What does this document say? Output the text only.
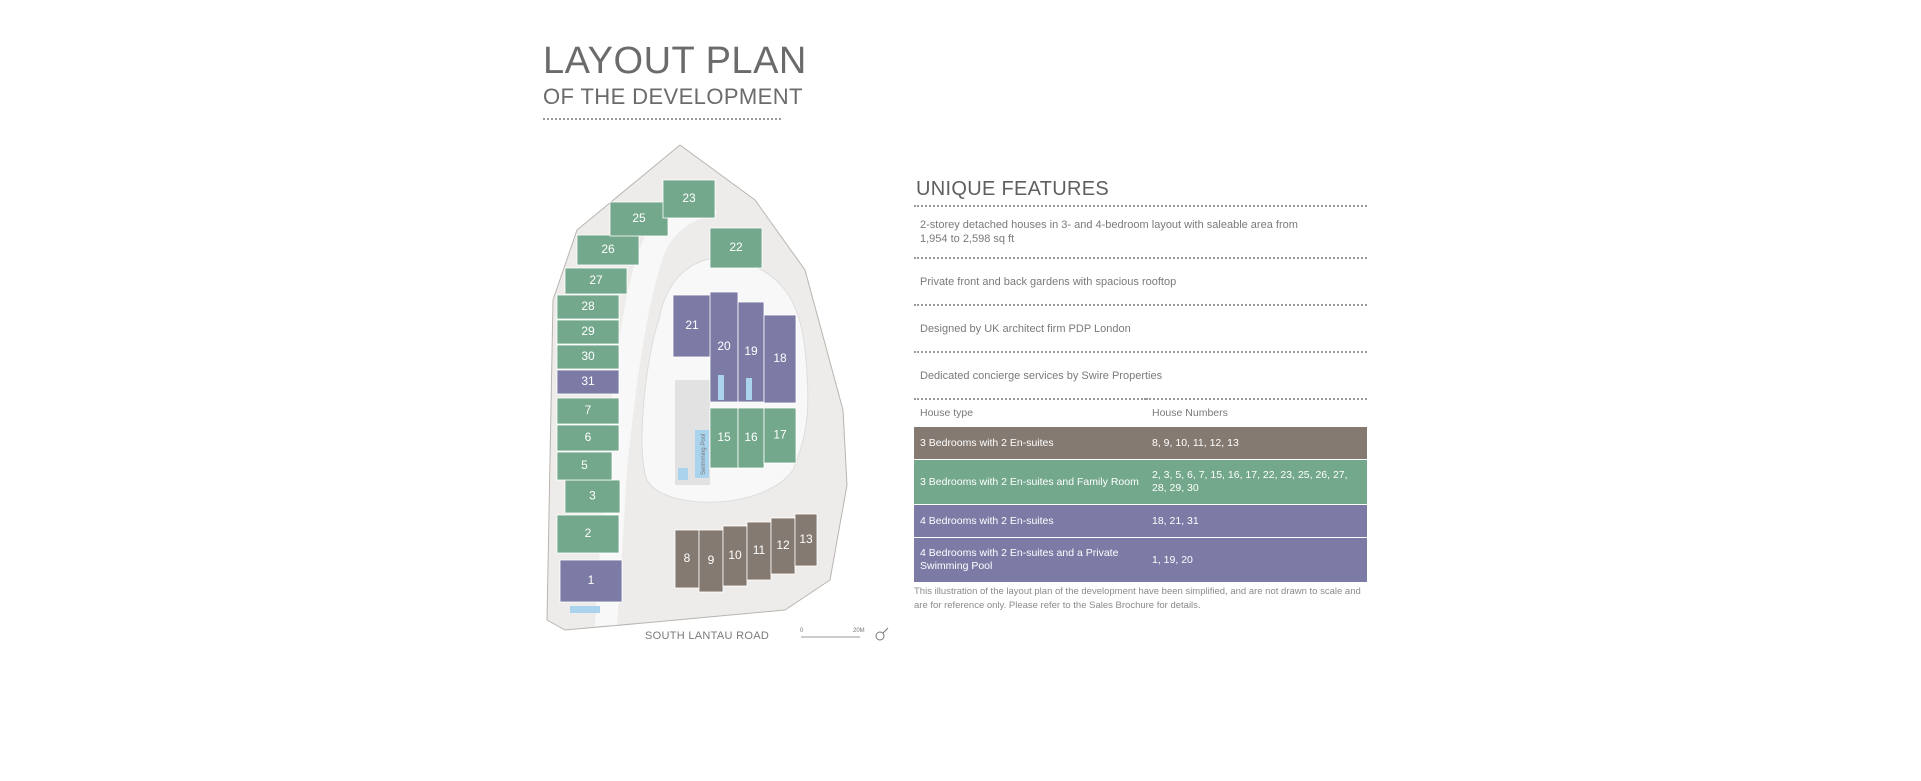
LAYOUT PLAN
OF THE DEVELOPMENT
Swimming Pool
1
2
3
5
6
7
31
30
29
28
27
26
25
23
22
21
20 19 18
15 16 17
8 9 10 11 12 13
SOUTH LANTAU ROAD	0	20M
UNIQUE FEATURES
2-storey detached houses in 3- and 4-bedroom layout with saleable area from 1,954 to 2,598 sq ft
Private front and back gardens with spacious rooftop
Designed by UK architect firm PDP London
Dedicated concierge services by Swire Properties
House type	House Numbers
3 Bedrooms with 2 En-suites	8, 9, 10, 11, 12, 13
3 Bedrooms with 2 En-suites and Family Room	2, 3, 5, 6, 7, 15, 16, 17, 22, 23, 25, 26, 27, 28, 29, 30
4 Bedrooms with 2 En-suites	18, 21, 31
4 Bedrooms with 2 En-suites and a Private Swimming Pool	1, 19, 20
This illustration of the layout plan of the development have been simplified, and are not drawn to scale and are for reference only. Please refer to the Sales Brochure for details.
